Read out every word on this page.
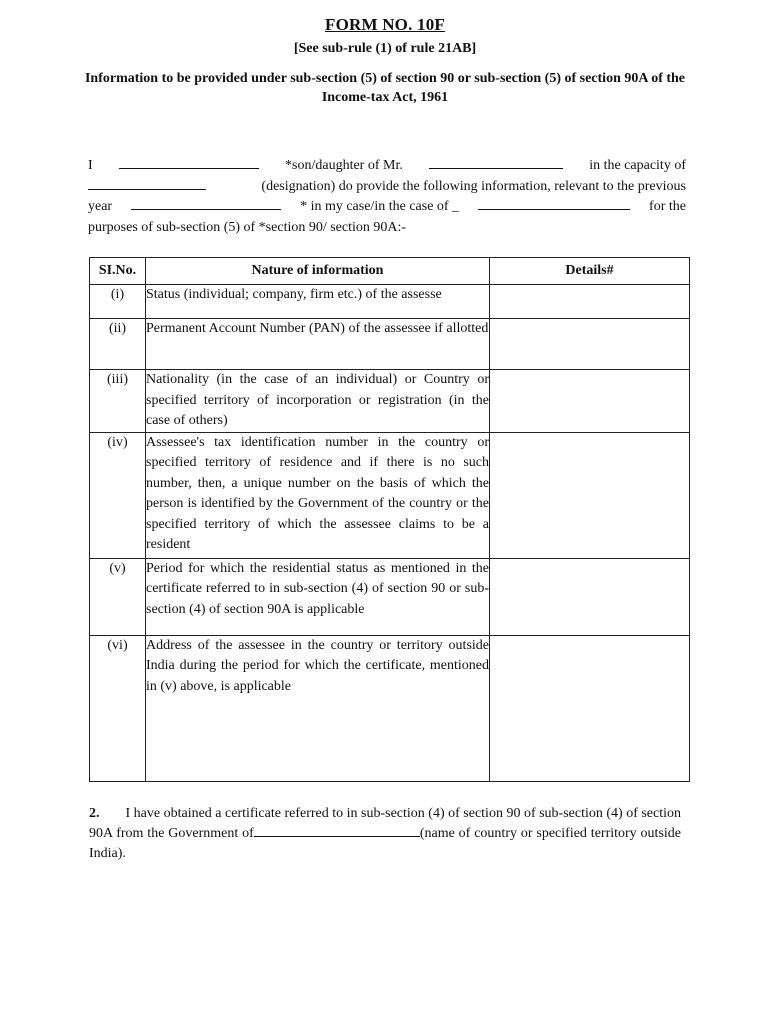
FORM NO. 10F
[See sub-rule (1) of rule 21AB]
Information to be provided under sub-section (5) of section 90 or sub-section (5) of section 90A of the Income-tax Act, 1961
I	*son/daughter of Mr.	in the capacity of
(designation) do provide the following information, relevant to the previous
year	* in my case/in the case of _	for the
purposes of sub-section (5) of *section 90/ section 90A:-
SI.No.	Nature of information	Details#
(i)	Status (individual; company, firm etc.) of the assesse	
(ii)	Permanent Account Number (PAN) of the assessee if allotted	
(iii)	Nationality (in the case of an individual) or Country or specified territory of incorporation or registration (in the case of others)	
(iv)	Assessee's tax identification number in the country or specified territory of residence and if there is no such number, then, a unique number on the basis of which the person is identified by the Government of the country or the specified territory of which the assessee claims to be a resident	
(v)	Period for which the residential status as mentioned in the certificate referred to in sub-section (4) of section 90 or sub-section (4) of section 90A is applicable	
(vi)	Address of the assessee in the country or territory outside India during the period for which the certificate, mentioned in (v) above, is applicable	
2. I have obtained a certificate referred to in sub-section (4) of section 90 of sub-section (4) of section 90A from the Government of	(name of country or specified territory outside India).
